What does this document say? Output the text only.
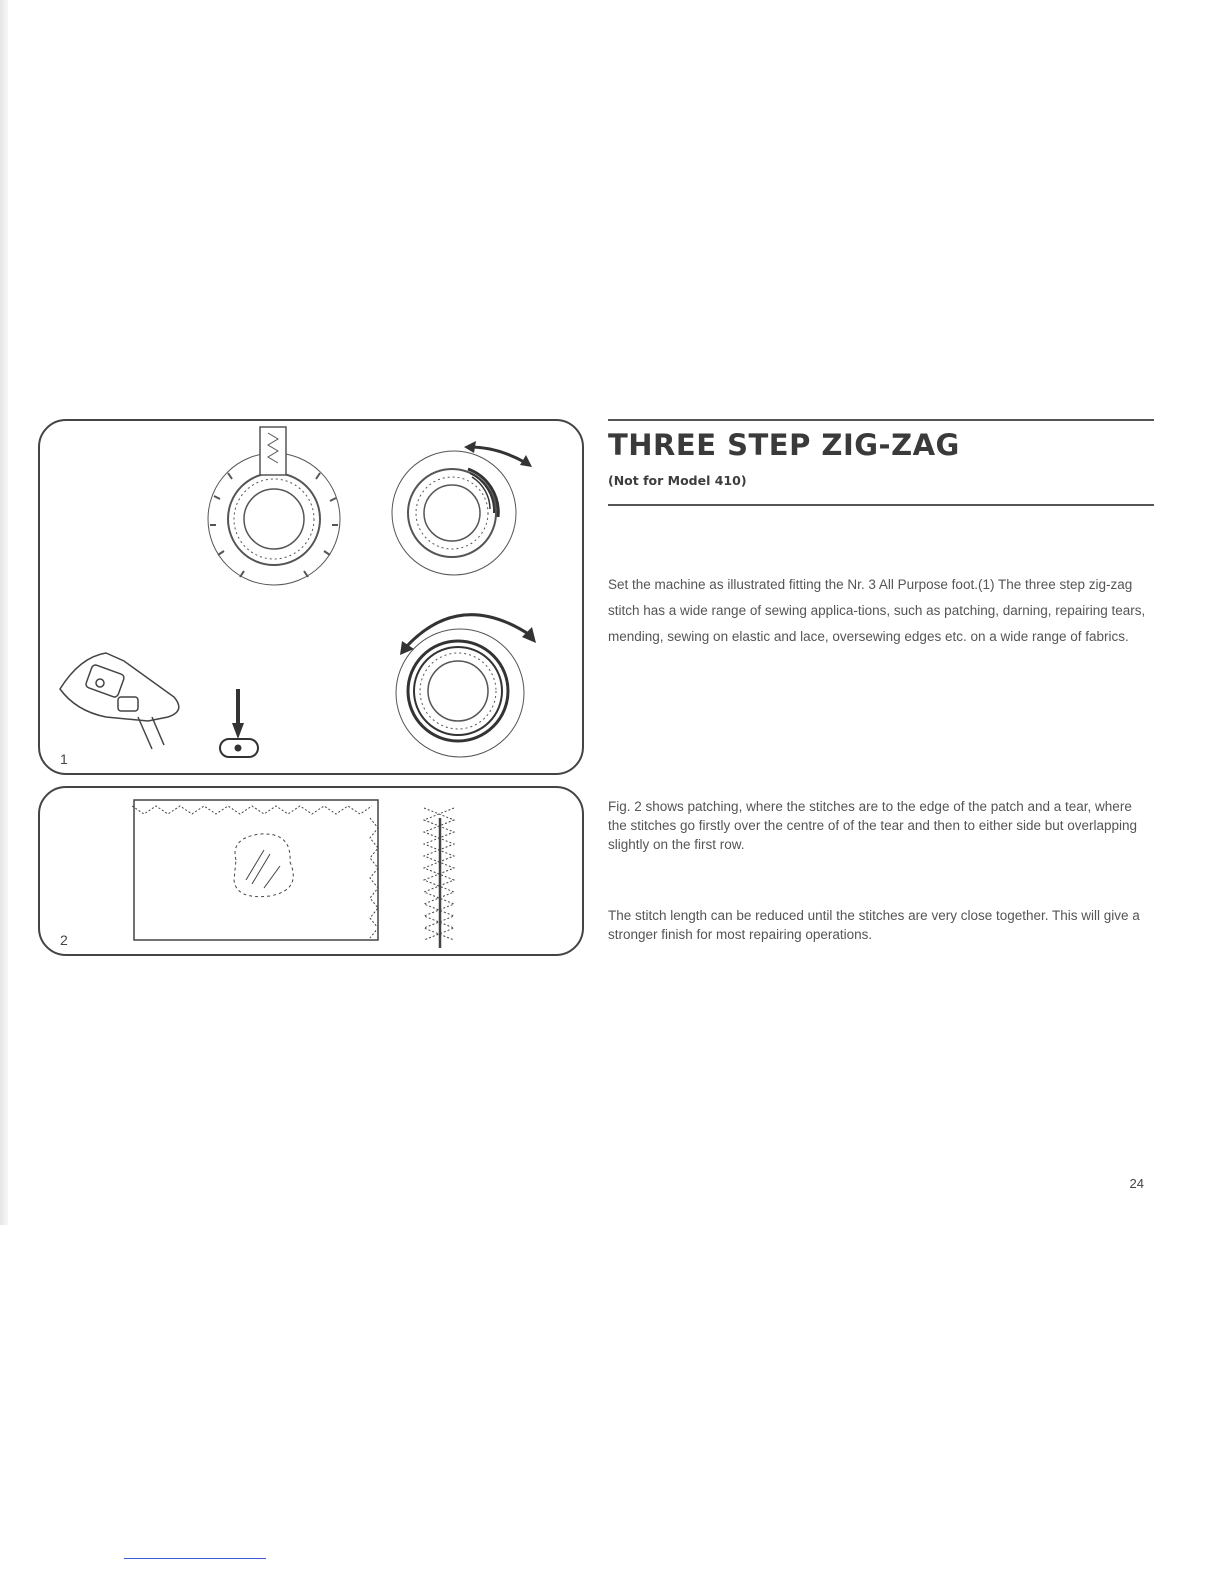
1
2
THREE STEP ZIG-ZAG

(Not for Model 410)

Set the machine as illustrated fitting the Nr. 3 All Purpose foot.(1) The three step zig-zag stitch has a wide range of sewing applica-tions, such as patching, darning, repairing tears, mending, sewing on elastic and lace, oversewing edges etc. on a wide range of fabrics.

Fig. 2 shows patching, where the stitches are to the edge of the patch and a tear, where the stitches go firstly over the centre of of the tear and then to either side but overlapping slightly on the first row.

The stitch length can be reduced until the stitches are very close together. This will give a stronger finish for most repairing operations.

24
